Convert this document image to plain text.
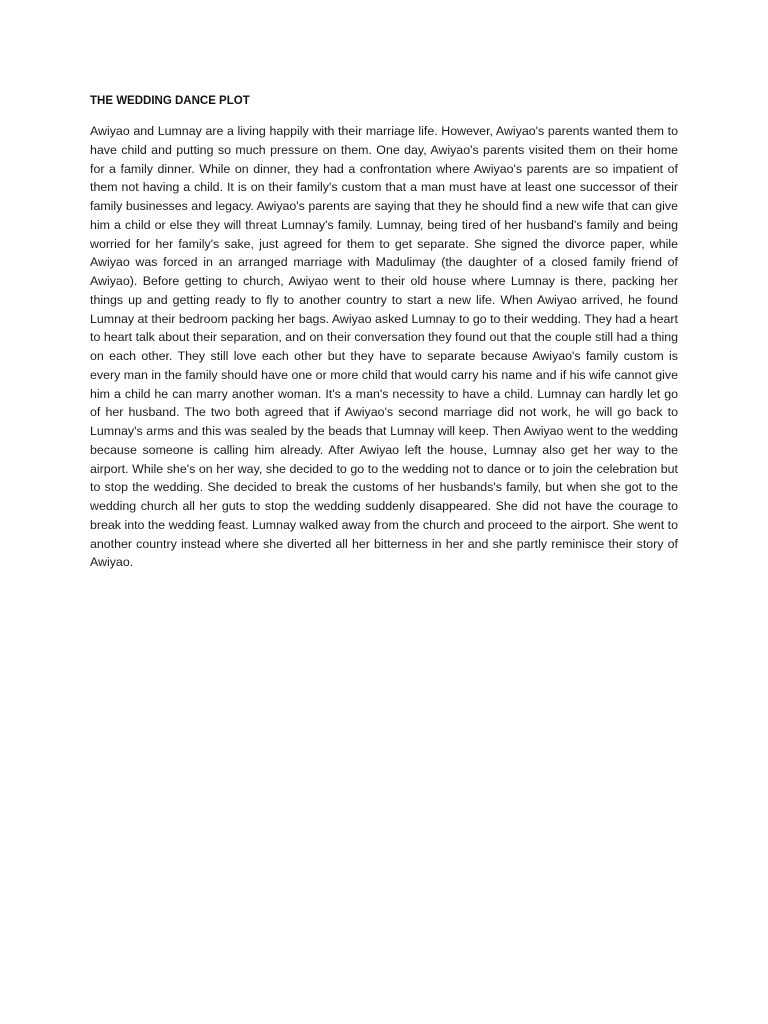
THE WEDDING DANCE PLOT

Awiyao and Lumnay are a living happily with their marriage life. However, Awiyao's parents wanted them to have child and putting so much pressure on them. One day, Awiyao's parents visited them on their home for a family dinner. While on dinner, they had a confrontation where Awiyao's parents are so impatient of them not having a child. It is on their family's custom that a man must have at least one successor of their family businesses and legacy. Awiyao's parents are saying that they he should find a new wife that can give him a child or else they will threat Lumnay's family. Lumnay, being tired of her husband's family and being worried for her family's sake, just agreed for them to get separate. She signed the divorce paper, while Awiyao was forced in an arranged marriage with Madulimay (the daughter of a closed family friend of Awiyao). Before getting to church, Awiyao went to their old house where Lumnay is there, packing her things up and getting ready to fly to another country to start a new life. When Awiyao arrived, he found Lumnay at their bedroom packing her bags. Awiyao asked Lumnay to go to their wedding. They had a heart to heart talk about their separation, and on their conversation they found out that the couple still had a thing on each other. They still love each other but they have to separate because Awiyao's family custom is every man in the family should have one or more child that would carry his name and if his wife cannot give him a child he can marry another woman. It's a man's necessity to have a child. Lumnay can hardly let go of her husband. The two both agreed that if Awiyao's second marriage did not work, he will go back to Lumnay's arms and this was sealed by the beads that Lumnay will keep. Then Awiyao went to the wedding because someone is calling him already. After Awiyao left the house, Lumnay also get her way to the airport. While she's on her way, she decided to go to the wedding not to dance or to join the celebration but to stop the wedding. She decided to break the customs of her husbands's family, but when she got to the wedding church all her guts to stop the wedding suddenly disappeared. She did not have the courage to break into the wedding feast. Lumnay walked away from the church and proceed to the airport. She went to another country instead where she diverted all her bitterness in her and she partly reminisce their story of Awiyao.
